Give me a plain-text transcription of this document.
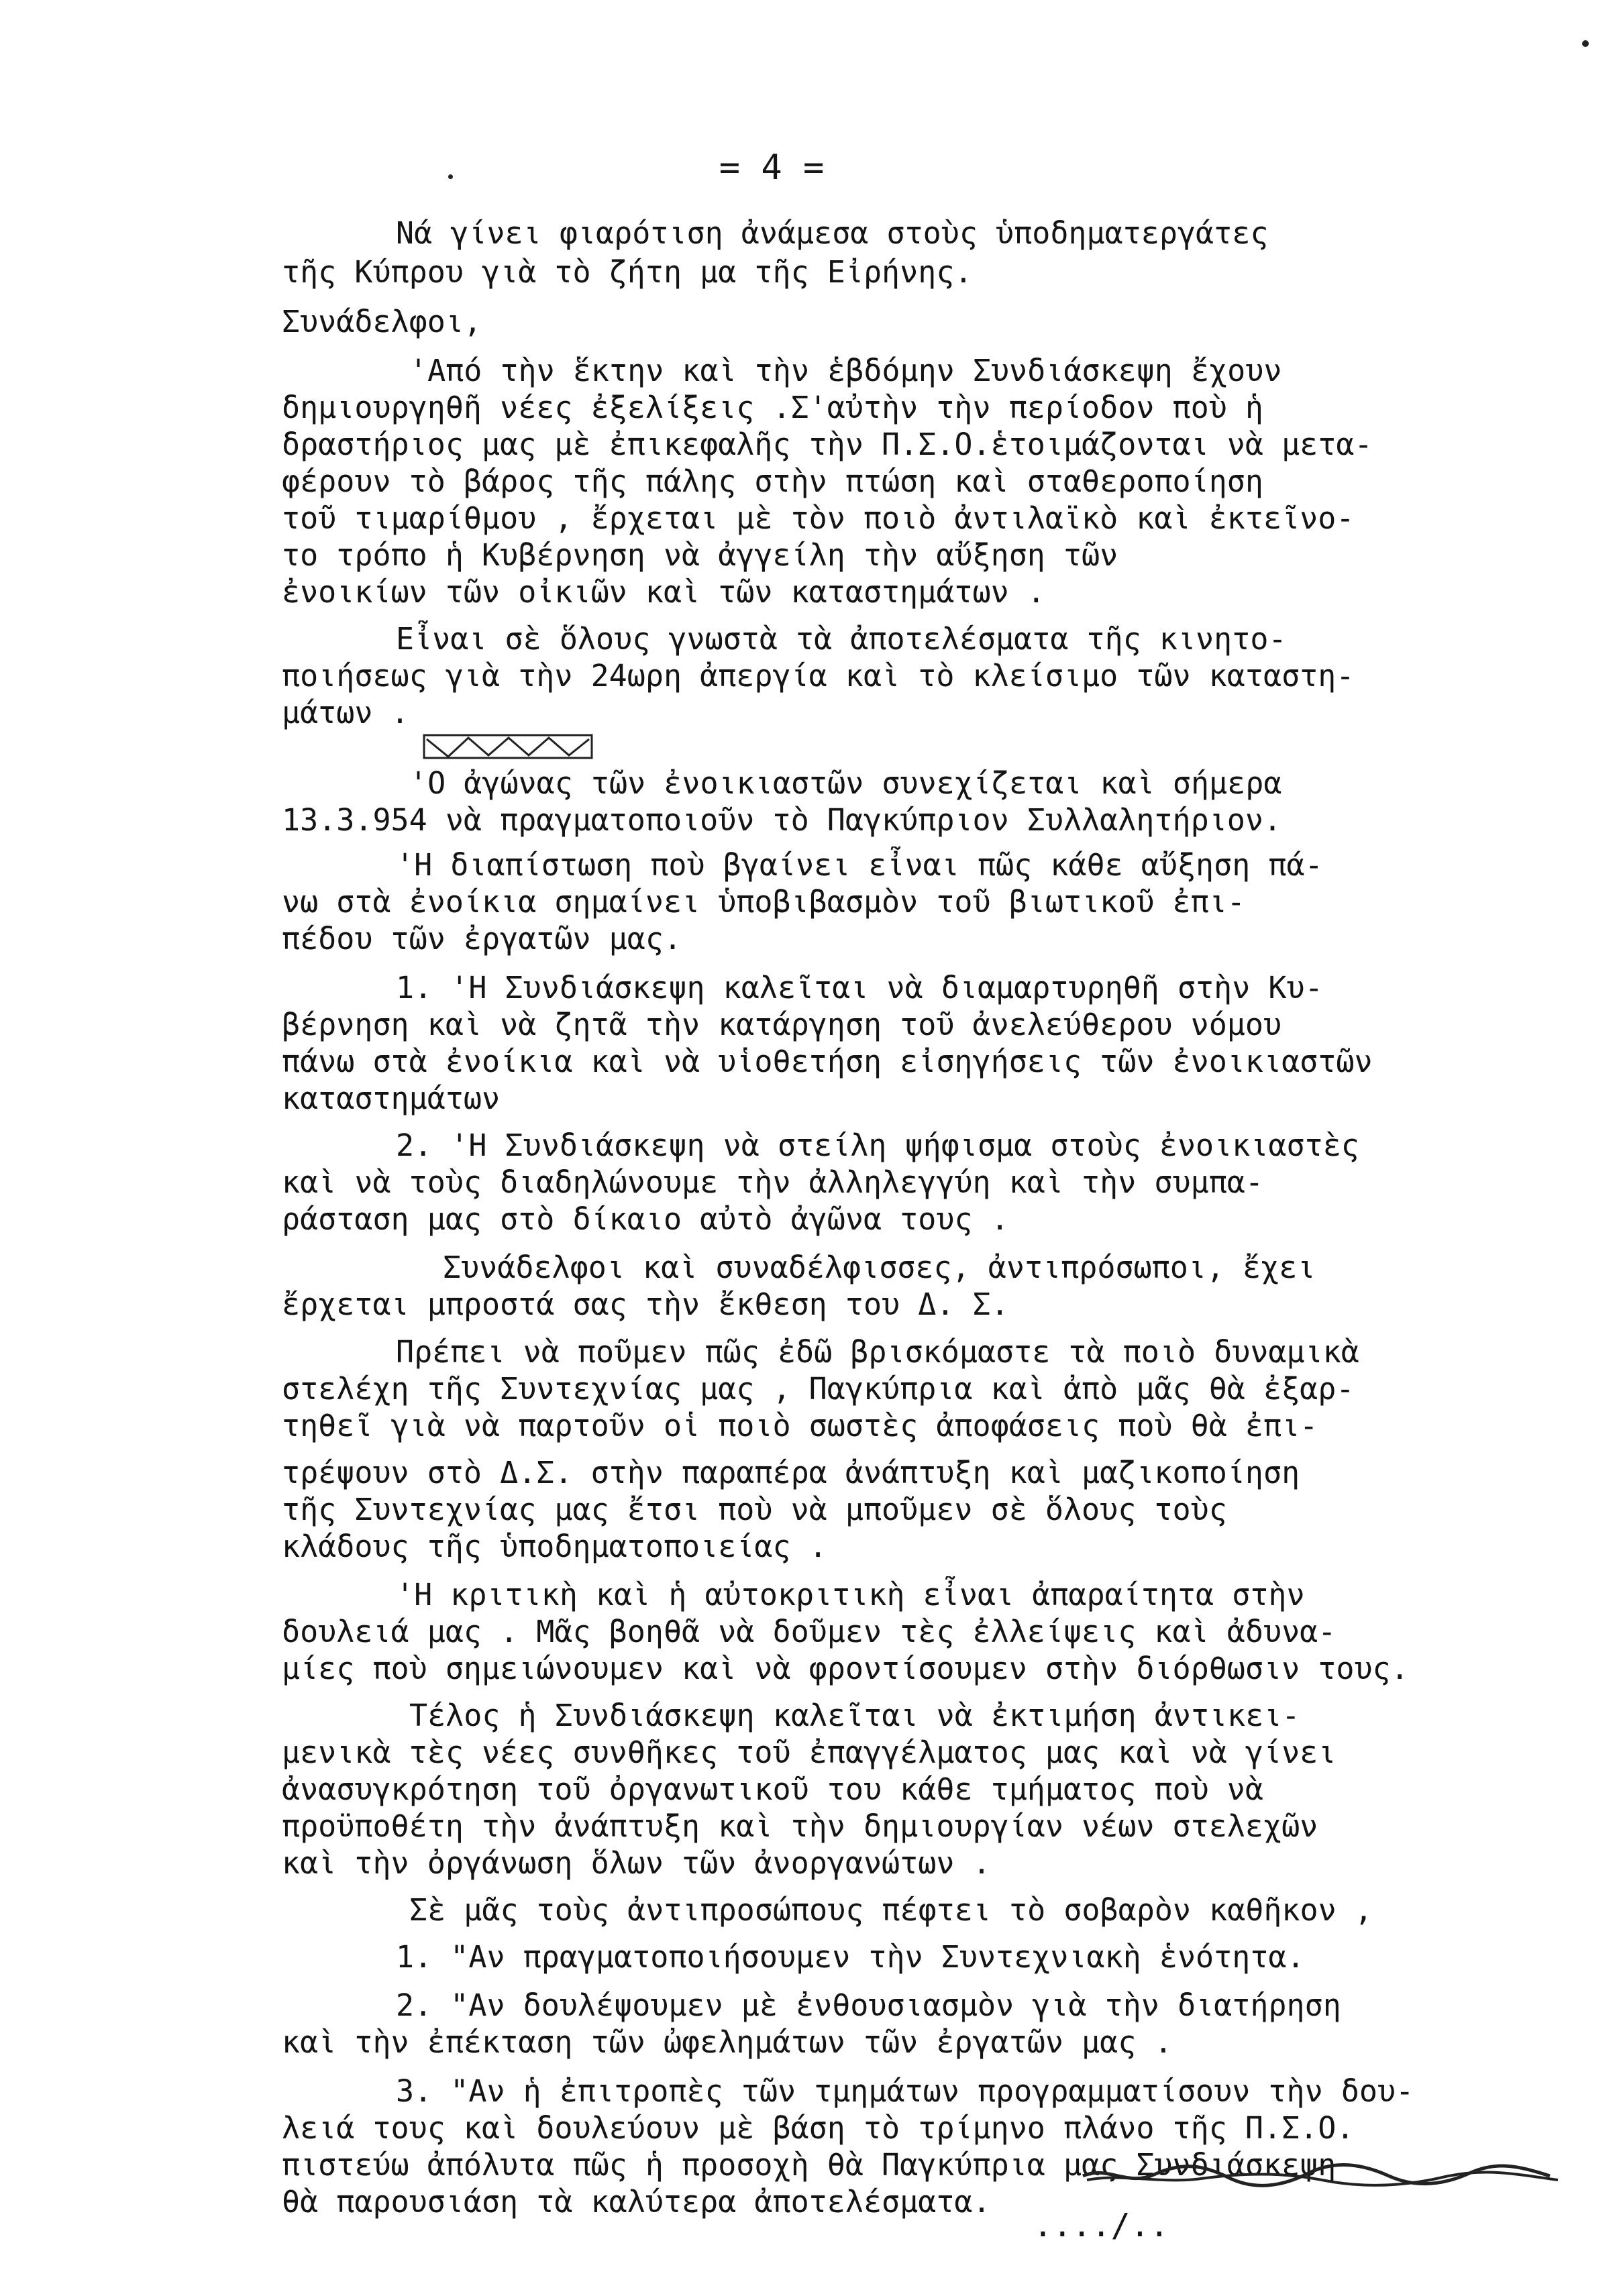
= 4 =
Νά γίνει φιαρότιση ἀνάμεσα στοὺς ὑποδηματεργάτες
τῆς Κύπρου γιὰ τὸ ζήτη μα τῆς Εἰρήνης.
Συνάδελφοι,
'Από τὴν ἕκτην καὶ τὴν ἑβδόμην Συνδιάσκεψη ἔχουν
δημιουργηθῆ νέες ἐξελίξεις .Σ'αὐτὴν τὴν περίοδον ποὺ ἡ
δραστήριος μας μὲ ἐπικεφαλῆς τὴν Π.Σ.Ο.ἑτοιμάζονται νὰ μετα-
φέρουν τὸ βάρος τῆς πάλης στὴν πτώση καὶ σταθεροποίηση
τοῦ τιμαρίθμου , ἔρχεται μὲ τὸν ποιὸ ἀντιλαϊκὸ καὶ ἐκτεῖνο-
το τρόπο ἡ Κυβέρνηση νὰ ἀγγείλη τὴν αὔξηση τῶν
ἐνοικίων τῶν οἰκιῶν καὶ τῶν καταστημάτων .
Εἶναι σὲ ὅλους γνωστὰ τὰ ἀποτελέσματα τῆς κινητο-
ποιήσεως γιὰ τὴν 24ωρη ἀπεργία καὶ τὸ κλείσιμο τῶν καταστη-
μάτων .
'Ο ἀγώνας τῶν ἐνοικιαστῶν συνεχίζεται καὶ σήμερα
13.3.954 νὰ πραγματοποιοῦν τὸ Παγκύπριον Συλλαλητήριον.
'Η διαπίστωση ποὺ βγαίνει εἶναι πῶς κάθε αὔξηση πά-
νω στὰ ἐνοίκια σημαίνει ὑποβιβασμὸν τοῦ βιωτικοῦ ἐπι-
πέδου τῶν ἐργατῶν μας.
1. 'Η Συνδιάσκεψη καλεῖται νὰ διαμαρτυρηθῆ στὴν Κυ-
βέρνηση καὶ νὰ ζητᾶ τὴν κατάργηση τοῦ ἀνελεύθερου νόμου
πάνω στὰ ἐνοίκια καὶ νὰ υἱοθετήση εἰσηγήσεις τῶν ἐνοικιαστῶν
καταστημάτων
2. 'Η Συνδιάσκεψη νὰ στείλη ψήφισμα στοὺς ἐνοικιαστὲς
καὶ νὰ τοὺς διαδηλώνουμε τὴν ἀλληλεγγύη καὶ τὴν συμπα-
ράσταση μας στὸ δίκαιο αὐτὸ ἀγῶνα τους .
Συνάδελφοι καὶ συναδέλφισσες, ἀντιπρόσωποι, ἔχει
ἔρχεται μπροστά σας τὴν ἔκθεση του Δ. Σ.
Πρέπει νὰ ποῦμεν πῶς ἐδῶ βρισκόμαστε τὰ ποιὸ δυναμικὰ
στελέχη τῆς Συντεχνίας μας , Παγκύπρια καὶ ἀπὸ μᾶς θὰ ἐξαρ-
τηθεῖ γιὰ νὰ παρτοῦν οἱ ποιὸ σωστὲς ἀποφάσεις ποὺ θὰ ἐπι-
τρέψουν στὸ Δ.Σ. στὴν παραπέρα ἀνάπτυξη καὶ μαζικοποίηση
τῆς Συντεχνίας μας ἔτσι ποὺ νὰ μποῦμεν σὲ ὅλους τοὺς
κλάδους τῆς ὑποδηματοποιείας .
'Η κριτικὴ καὶ ἡ αὐτοκριτικὴ εἶναι ἀπαραίτητα στὴν
δουλειά μας . Μᾶς βοηθᾶ νὰ δοῦμεν τὲς ἐλλείψεις καὶ ἀδυνα-
μίες ποὺ σημειώνουμεν καὶ νὰ φροντίσουμεν στὴν διόρθωσιν τους.
Τέλος ἡ Συνδιάσκεψη καλεῖται νὰ ἐκτιμήση ἀντικει-
μενικὰ τὲς νέες συνθῆκες τοῦ ἐπαγγέλματος μας καὶ νὰ γίνει
ἀνασυγκρότηση τοῦ ὀργανωτικοῦ του κάθε τμήματος ποὺ νὰ
προϋποθέτη τὴν ἀνάπτυξη καὶ τὴν δημιουργίαν νέων στελεχῶν
καὶ τὴν ὀργάνωση ὅλων τῶν ἀνοργανώτων .
Σὲ μᾶς τοὺς ἀντιπροσώπους πέφτει τὸ σοβαρὸν καθῆκον ,
1. "Αν πραγματοποιήσουμεν τὴν Συντεχνιακὴ ἑνότητα.
2. "Αν δουλέψουμεν μὲ ἐνθουσιασμὸν γιὰ τὴν διατήρηση
καὶ τὴν ἐπέκταση τῶν ὠφελημάτων τῶν ἐργατῶν μας .
3. "Αν ἡ ἐπιτροπὲς τῶν τμημάτων προγραμματίσουν τὴν δου-
λειά τους καὶ δουλεύουν μὲ βάση τὸ τρίμηνο πλάνο τῆς Π.Σ.Ο.
πιστεύω ἀπόλυτα πῶς ἡ προσοχὴ θὰ Παγκύπρια μας Συνδιάσκεψη
θὰ παρουσιάση τὰ καλύτερα ἀποτελέσματα.
..../..
